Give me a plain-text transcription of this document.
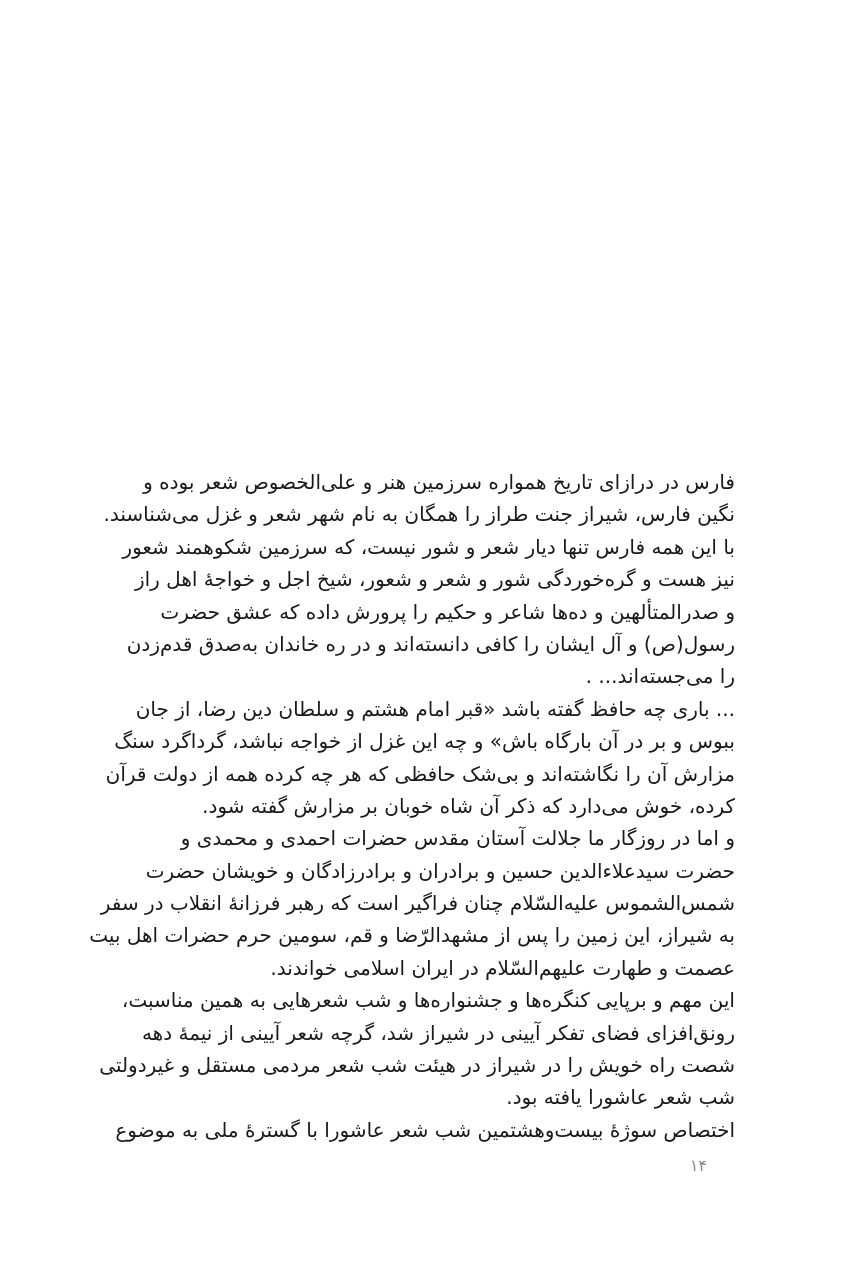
فارس در درازای تاریخ همواره سرزمین هنر و علی‌الخصوص شعر بوده و
نگین فارس، شیراز جنت طراز را همگان به نام شهر شعر و غزل می‌شناسند.
با این همه فارس تنها دیار شعر و شور نیست، که سرزمین شکوهمند شعور
نیز هست و گره‌خوردگی شور و شعر و شعور، شیخ اجل و خواجهٔ اهل راز
و صدرالمتألهین و ده‌ها شاعر و حکیم را پرورش داده که عشق حضرت
رسول(ص) و آل ایشان را کافی دانسته‌اند و در ره خاندان به‌صدق قدم‌زدن
را می‌جسته‌اند... .
... باری چه حافظ گفته باشد «قبر امام هشتم و سلطان دین رضا، از جان
ببوس و بر در آن بارگاه باش» و چه این غزل از خواجه نباشد، گرداگرد سنگ
مزارش آن را نگاشته‌اند و بی‌شک حافظی که هر چه کرده همه از دولت قرآن
کرده، خوش می‌دارد که ذکر آن شاه خوبان بر مزارش گفته شود.
و اما در روزگار ما جلالت آستان مقدس حضرات احمدی و محمدی و
حضرت سیدعلاءالدین حسین و برادران و برادرزادگان و خویشان حضرت
شمس‌الشموس علیه‌السّلام چنان فراگیر است که رهبر فرزانهٔ انقلاب در سفر
به شیراز، این زمین را پس از مشهدالرّضا و قم، سومین حرم حضرات اهل بیت
عصمت و طهارت علیهم‌السّلام در ایران اسلامی خواندند.
این مهم و برپایی کنگره‌ها و جشنواره‌ها و شب شعرهایی به همین مناسبت،
رونق‌افزای فضای تفکر آیینی در شیراز شد، گرچه شعر آیینی از نیمهٔ دهه
شصت راه خویش را در شیراز در هیئت شب شعر مردمی مستقل و غیردولتی
شب شعر عاشورا یافته بود.
اختصاص سوژهٔ بیست‌وهشتمین شب شعر عاشورا با گسترهٔ ملی به موضوع
۱۴
